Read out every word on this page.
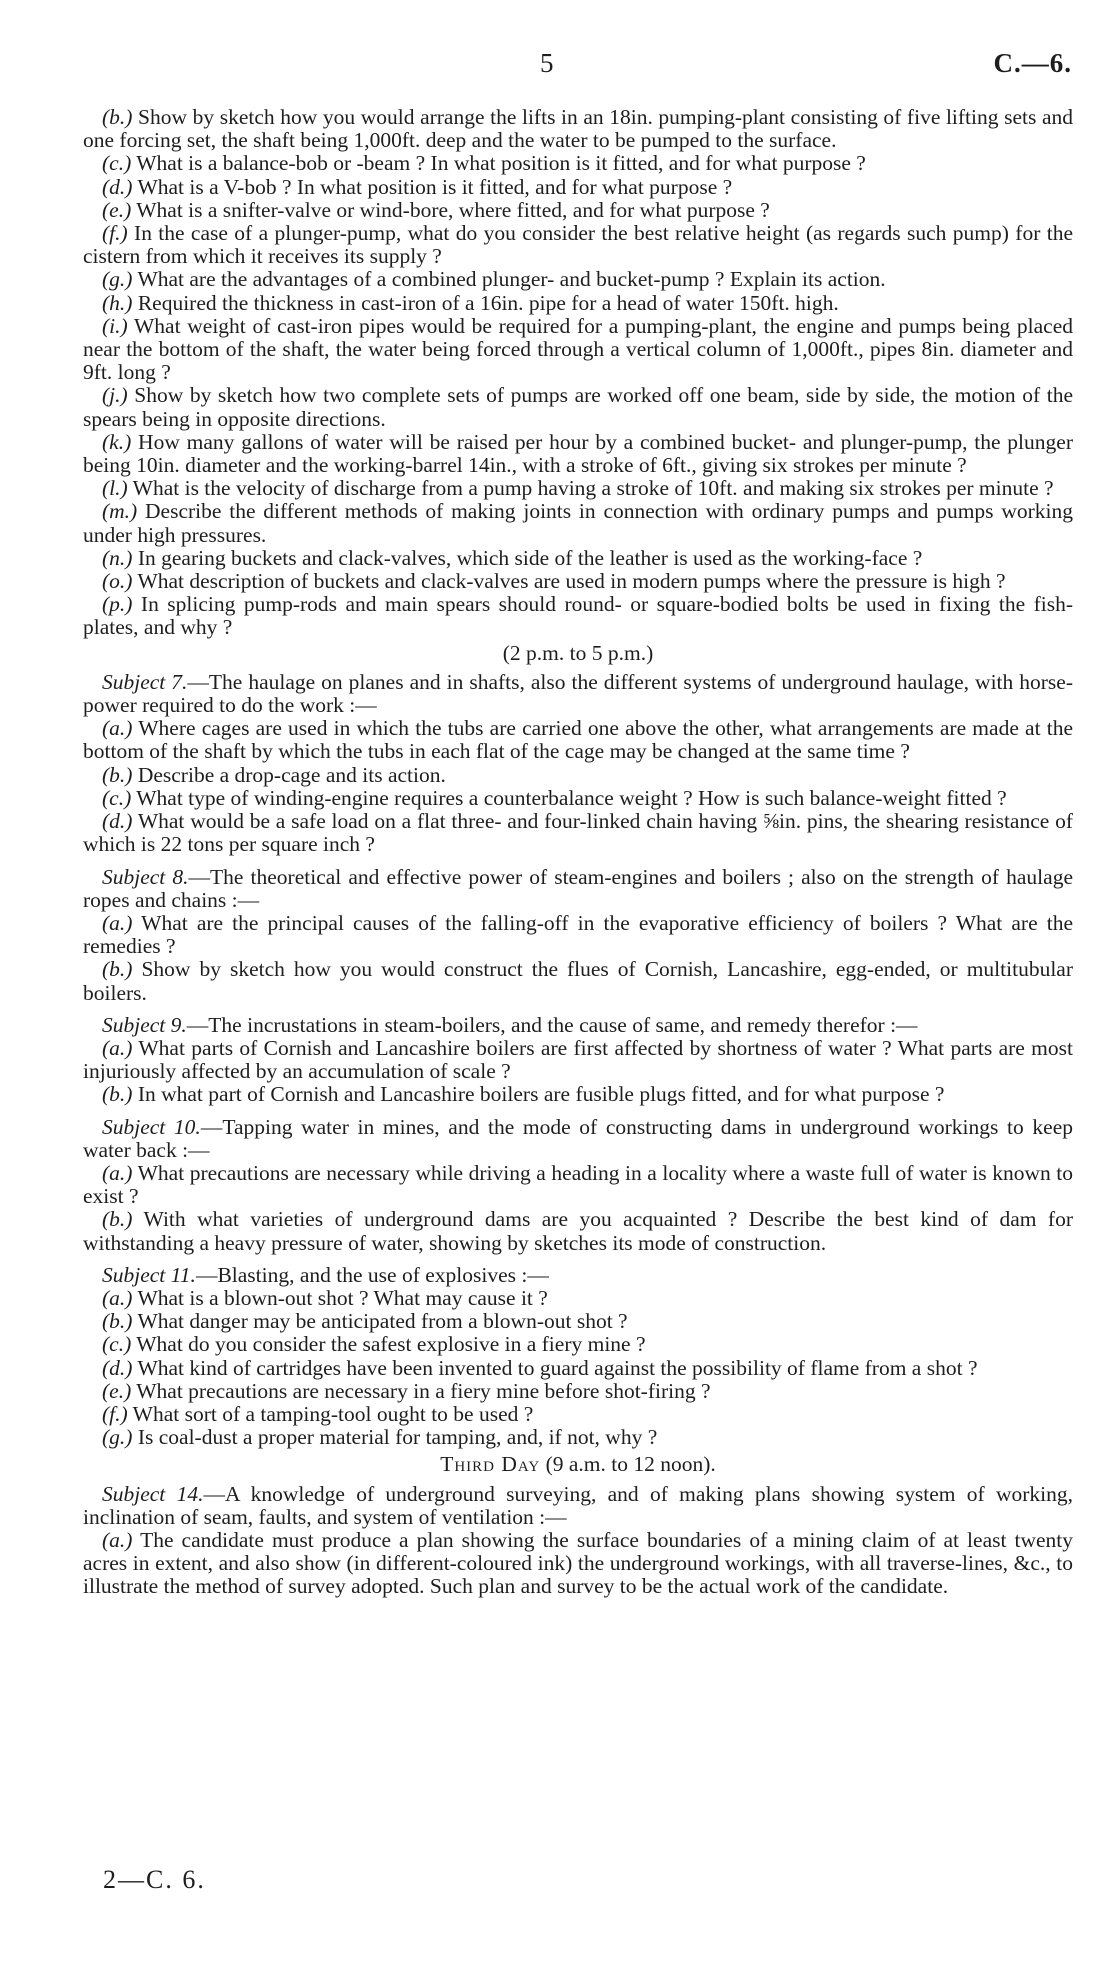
5	C.—6.

(b.) Show by sketch how you would arrange the lifts in an 18in. pumping-plant consisting of five lifting sets and one forcing set, the shaft being 1,000ft. deep and the water to be pumped to the surface.

(c.) What is a balance-bob or -beam ? In what position is it fitted, and for what purpose ?

(d.) What is a V-bob ? In what position is it fitted, and for what purpose ?

(e.) What is a snifter-valve or wind-bore, where fitted, and for what purpose ?

(f.) In the case of a plunger-pump, what do you consider the best relative height (as regards such pump) for the cistern from which it receives its supply ?

(g.) What are the advantages of a combined plunger- and bucket-pump ? Explain its action.

(h.) Required the thickness in cast-iron of a 16in. pipe for a head of water 150ft. high.

(i.) What weight of cast-iron pipes would be required for a pumping-plant, the engine and pumps being placed near the bottom of the shaft, the water being forced through a vertical column of 1,000ft., pipes 8in. diameter and 9ft. long ?

(j.) Show by sketch how two complete sets of pumps are worked off one beam, side by side, the motion of the spears being in opposite directions.

(k.) How many gallons of water will be raised per hour by a combined bucket- and plunger-pump, the plunger being 10in. diameter and the working-barrel 14in., with a stroke of 6ft., giving six strokes per minute ?

(l.) What is the velocity of discharge from a pump having a stroke of 10ft. and making six strokes per minute ?

(m.) Describe the different methods of making joints in connection with ordinary pumps and pumps working under high pressures.

(n.) In gearing buckets and clack-valves, which side of the leather is used as the working-face ?

(o.) What description of buckets and clack-valves are used in modern pumps where the pressure is high ?

(p.) In splicing pump-rods and main spears should round- or square-bodied bolts be used in fixing the fish-plates, and why ?

(2 p.m. to 5 p.m.)

Subject 7.—The haulage on planes and in shafts, also the different systems of underground haulage, with horse-power required to do the work :—

(a.) Where cages are used in which the tubs are carried one above the other, what arrangements are made at the bottom of the shaft by which the tubs in each flat of the cage may be changed at the same time ?

(b.) Describe a drop-cage and its action.

(c.) What type of winding-engine requires a counterbalance weight ? How is such balance-weight fitted ?

(d.) What would be a safe load on a flat three- and four-linked chain having ⅝in. pins, the shearing resistance of which is 22 tons per square inch ?

Subject 8.—The theoretical and effective power of steam-engines and boilers ; also on the strength of haulage ropes and chains :—

(a.) What are the principal causes of the falling-off in the evaporative efficiency of boilers ? What are the remedies ?

(b.) Show by sketch how you would construct the flues of Cornish, Lancashire, egg-ended, or multitubular boilers.

Subject 9.—The incrustations in steam-boilers, and the cause of same, and remedy therefor :—

(a.) What parts of Cornish and Lancashire boilers are first affected by shortness of water ? What parts are most injuriously affected by an accumulation of scale ?

(b.) In what part of Cornish and Lancashire boilers are fusible plugs fitted, and for what purpose ?

Subject 10.—Tapping water in mines, and the mode of constructing dams in underground workings to keep water back :—

(a.) What precautions are necessary while driving a heading in a locality where a waste full of water is known to exist ?

(b.) With what varieties of underground dams are you acquainted ? Describe the best kind of dam for withstanding a heavy pressure of water, showing by sketches its mode of construction.

Subject 11.—Blasting, and the use of explosives :—

(a.) What is a blown-out shot ? What may cause it ?

(b.) What danger may be anticipated from a blown-out shot ?

(c.) What do you consider the safest explosive in a fiery mine ?

(d.) What kind of cartridges have been invented to guard against the possibility of flame from a shot ?

(e.) What precautions are necessary in a fiery mine before shot-firing ?

(f.) What sort of a tamping-tool ought to be used ?

(g.) Is coal-dust a proper material for tamping, and, if not, why ?

Third Day (9 a.m. to 12 noon).

Subject 14.—A knowledge of underground surveying, and of making plans showing system of working, inclination of seam, faults, and system of ventilation :—

(a.) The candidate must produce a plan showing the surface boundaries of a mining claim of at least twenty acres in extent, and also show (in different-coloured ink) the underground workings, with all traverse-lines, &c., to illustrate the method of survey adopted. Such plan and survey to be the actual work of the candidate.

2—C. 6.
